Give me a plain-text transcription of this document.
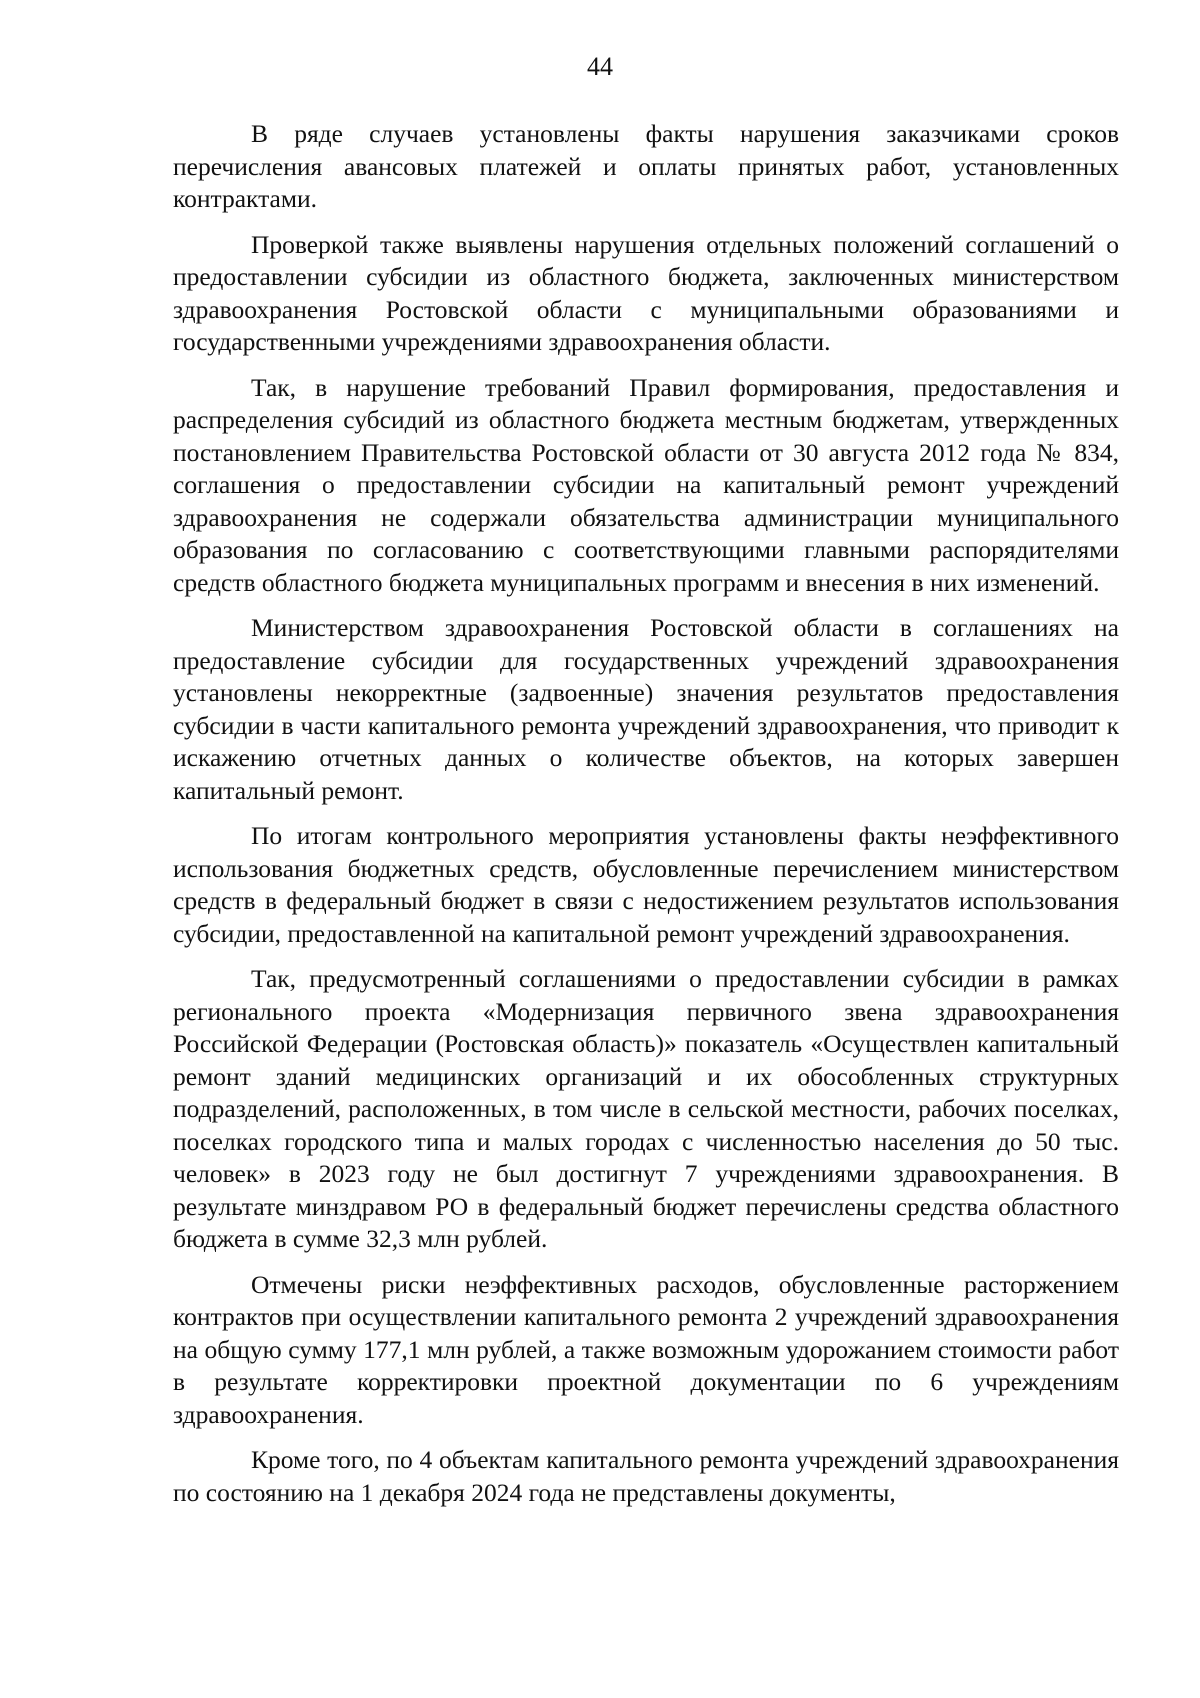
44

В ряде случаев установлены факты нарушения заказчиками сроков перечисления авансовых платежей и оплаты принятых работ, установленных контрактами.

Проверкой также выявлены нарушения отдельных положений соглашений о предоставлении субсидии из областного бюджета, заключенных министерством здравоохранения Ростовской области с муниципальными образованиями и государственными учреждениями здравоохранения области.

Так, в нарушение требований Правил формирования, предоставления и распределения субсидий из областного бюджета местным бюджетам, утвержденных постановлением Правительства Ростовской области от 30 августа 2012 года № 834, соглашения о предоставлении субсидии на капитальный ремонт учреждений здравоохранения не содержали обязательства администрации муниципального образования по согласованию с соответствующими главными распорядителями средств областного бюджета муниципальных программ и внесения в них изменений.

Министерством здравоохранения Ростовской области в соглашениях на предоставление субсидии для государственных учреждений здравоохранения установлены некорректные (задвоенные) значения результатов предоставления субсидии в части капитального ремонта учреждений здравоохранения, что приводит к искажению отчетных данных о количестве объектов, на которых завершен капитальный ремонт.

По итогам контрольного мероприятия установлены факты неэффективного использования бюджетных средств, обусловленные перечислением министерством средств в федеральный бюджет в связи с недостижением результатов использования субсидии, предоставленной на капитальной ремонт учреждений здравоохранения.

Так, предусмотренный соглашениями о предоставлении субсидии в рамках регионального проекта «Модернизация первичного звена здравоохранения Российской Федерации (Ростовская область)» показатель «Осуществлен капитальный ремонт зданий медицинских организаций и их обособленных структурных подразделений, расположенных, в том числе в сельской местности, рабочих поселках, поселках городского типа и малых городах с численностью населения до 50 тыс. человек» в 2023 году не был достигнут 7 учреждениями здравоохранения. В результате минздравом РО в федеральный бюджет перечислены средства областного бюджета в сумме 32,3 млн рублей.

Отмечены риски неэффективных расходов, обусловленные расторжением контрактов при осуществлении капитального ремонта 2 учреждений здравоохранения на общую сумму 177,1 млн рублей, а также возможным удорожанием стоимости работ в результате корректировки проектной документации по 6 учреждениям здравоохранения.

Кроме того, по 4 объектам капитального ремонта учреждений здравоохранения по состоянию на 1 декабря 2024 года не представлены документы,
